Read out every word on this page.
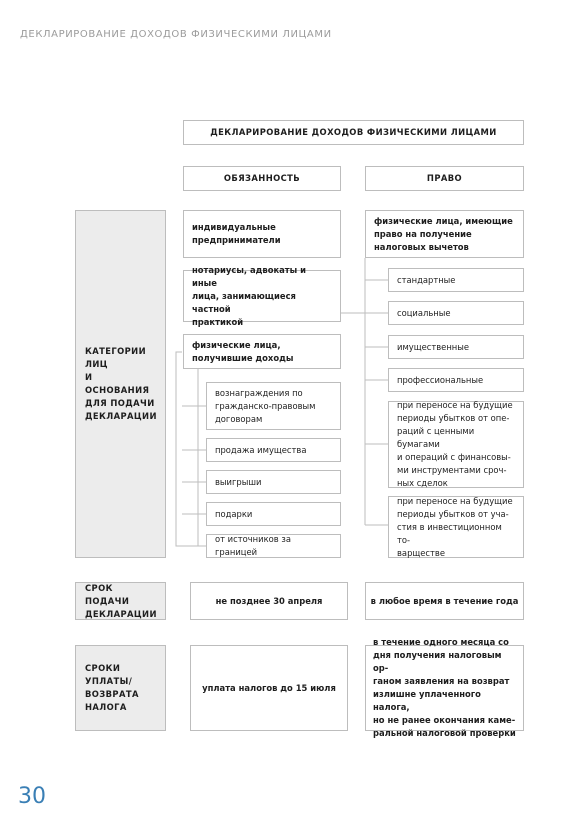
ДЕКЛАРИРОВАНИЕ ДОХОДОВ ФИЗИЧЕСКИМИ ЛИЦАМИ
ДЕКЛАРИРОВАНИЕ ДОХОДОВ ФИЗИЧЕСКИМИ ЛИЦАМИ
ОБЯЗАННОСТЬ	ПРАВО
КАТЕГОРИИ
ЛИЦ
И ОСНОВАНИЯ
ДЛЯ ПОДАЧИ
ДЕКЛАРАЦИИ
индивидуальные
предприниматели
нотариусы, адвокаты и иные
лица, занимающиеся частной
практикой
физические лица,
получившие доходы
вознаграждения по
гражданско-правовым
договорам
продажа имущества
выигрыши
подарки
от источников за границей
физические лица, имеющие
право на получение
налоговых вычетов
стандартные
социальные
имущественные
профессиональные
при переносе на будущие
периоды убытков от опе-
раций с ценными бумагами
и операций с финансовы-
ми инструментами сроч-
ных сделок
при переносе на будущие
периоды убытков от уча-
стия в инвестиционном то-
варществе
СРОК ПОДАЧИ
ДЕКЛАРАЦИИ
не позднее 30 апреля	в любое время в течение года
СРОКИ УПЛАТЫ/
ВОЗВРАТА
НАЛОГА
уплата налогов до 15 июля
в течение одного месяца со
дня получения налоговым ор-
ганом заявления на возврат
излишне уплаченного налога,
но не ранее окончания каме-
ральной налоговой проверки
30
